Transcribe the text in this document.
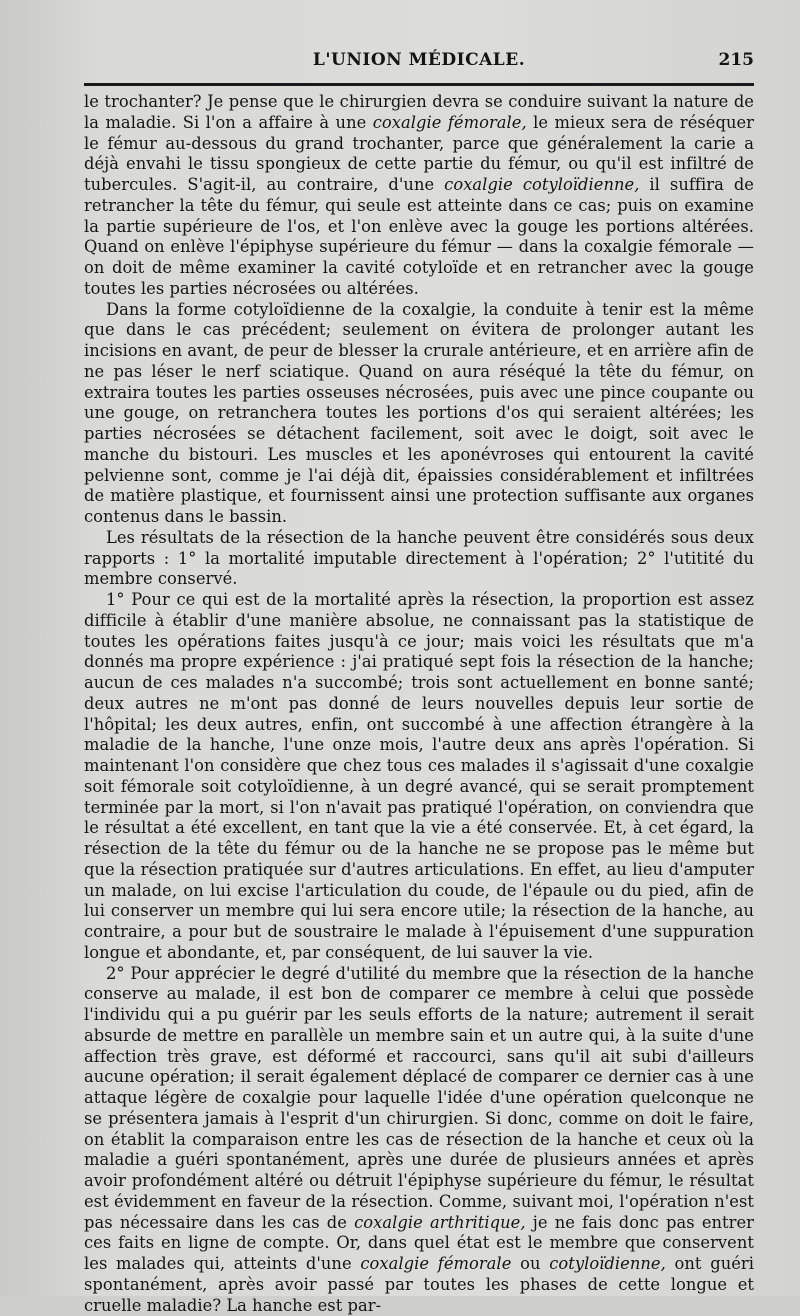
L'UNION MÉDICALE.	215

le trochanter? Je pense que le chirurgien devra se conduire suivant la nature de la maladie. Si l'on a affaire à une coxalgie fémorale, le mieux sera de réséquer le fémur au-dessous du grand trochanter, parce que généralement la carie a déjà envahi le tissu spongieux de cette partie du fémur, ou qu'il est infiltré de tubercules. S'agit-il, au contraire, d'une coxalgie cotyloïdienne, il suffira de retrancher la tête du fémur, qui seule est atteinte dans ce cas; puis on examine la partie supérieure de l'os, et l'on enlève avec la gouge les portions altérées. Quand on enlève l'épiphyse supérieure du fémur — dans la coxalgie fémorale — on doit de même examiner la cavité cotyloïde et en retrancher avec la gouge toutes les parties nécrosées ou altérées.

Dans la forme cotyloïdienne de la coxalgie, la conduite à tenir est la même que dans le cas précédent; seulement on évitera de prolonger autant les incisions en avant, de peur de blesser la crurale antérieure, et en arrière afin de ne pas léser le nerf sciatique. Quand on aura réséqué la tête du fémur, on extraira toutes les parties osseuses nécrosées, puis avec une pince coupante ou une gouge, on retranchera toutes les portions d'os qui seraient altérées; les parties nécrosées se détachent facilement, soit avec le doigt, soit avec le manche du bistouri. Les muscles et les aponévroses qui entourent la cavité pelvienne sont, comme je l'ai déjà dit, épaissies considérablement et infiltrées de matière plastique, et fournissent ainsi une protection suffisante aux organes contenus dans le bassin.

Les résultats de la résection de la hanche peuvent être considérés sous deux rapports : 1° la mortalité imputable directement à l'opération; 2° l'utitité du membre conservé.

1° Pour ce qui est de la mortalité après la résection, la proportion est assez difficile à établir d'une manière absolue, ne connaissant pas la statistique de toutes les opérations faites jusqu'à ce jour; mais voici les résultats que m'a donnés ma propre expérience : j'ai pratiqué sept fois la résection de la hanche; aucun de ces malades n'a succombé; trois sont actuellement en bonne santé; deux autres ne m'ont pas donné de leurs nouvelles depuis leur sortie de l'hôpital; les deux autres, enfin, ont succombé à une affection étrangère à la maladie de la hanche, l'une onze mois, l'autre deux ans après l'opération. Si maintenant l'on considère que chez tous ces malades il s'agissait d'une coxalgie soit fémorale soit cotyloïdienne, à un degré avancé, qui se serait promptement terminée par la mort, si l'on n'avait pas pratiqué l'opération, on conviendra que le résultat a été excellent, en tant que la vie a été conservée. Et, à cet égard, la résection de la tête du fémur ou de la hanche ne se propose pas le même but que la résection pratiquée sur d'autres articulations. En effet, au lieu d'amputer un malade, on lui excise l'articulation du coude, de l'épaule ou du pied, afin de lui conserver un membre qui lui sera encore utile; la résection de la hanche, au contraire, a pour but de soustraire le malade à l'épuisement d'une suppuration longue et abondante, et, par conséquent, de lui sauver la vie.

2° Pour apprécier le degré d'utilité du membre que la résection de la hanche conserve au malade, il est bon de comparer ce membre à celui que possède l'individu qui a pu guérir par les seuls efforts de la nature; autrement il serait absurde de mettre en parallèle un membre sain et un autre qui, à la suite d'une affection très grave, est déformé et raccourci, sans qu'il ait subi d'ailleurs aucune opération; il serait également déplacé de comparer ce dernier cas à une attaque légère de coxalgie pour laquelle l'idée d'une opération quelconque ne se présentera jamais à l'esprit d'un chirurgien. Si donc, comme on doit le faire, on établit la comparaison entre les cas de résection de la hanche et ceux où la maladie a guéri spontanément, après une durée de plusieurs années et après avoir profondément altéré ou détruit l'épiphyse supérieure du fémur, le résultat est évidemment en faveur de la résection. Comme, suivant moi, l'opération n'est pas nécessaire dans les cas de coxalgie arthritique, je ne fais donc pas entrer ces faits en ligne de compte. Or, dans quel état est le membre que conservent les malades qui, atteints d'une coxalgie fémorale ou cotyloïdienne, ont guéri spontanément, après avoir passé par toutes les phases de cette longue et cruelle maladie? La hanche est par-
